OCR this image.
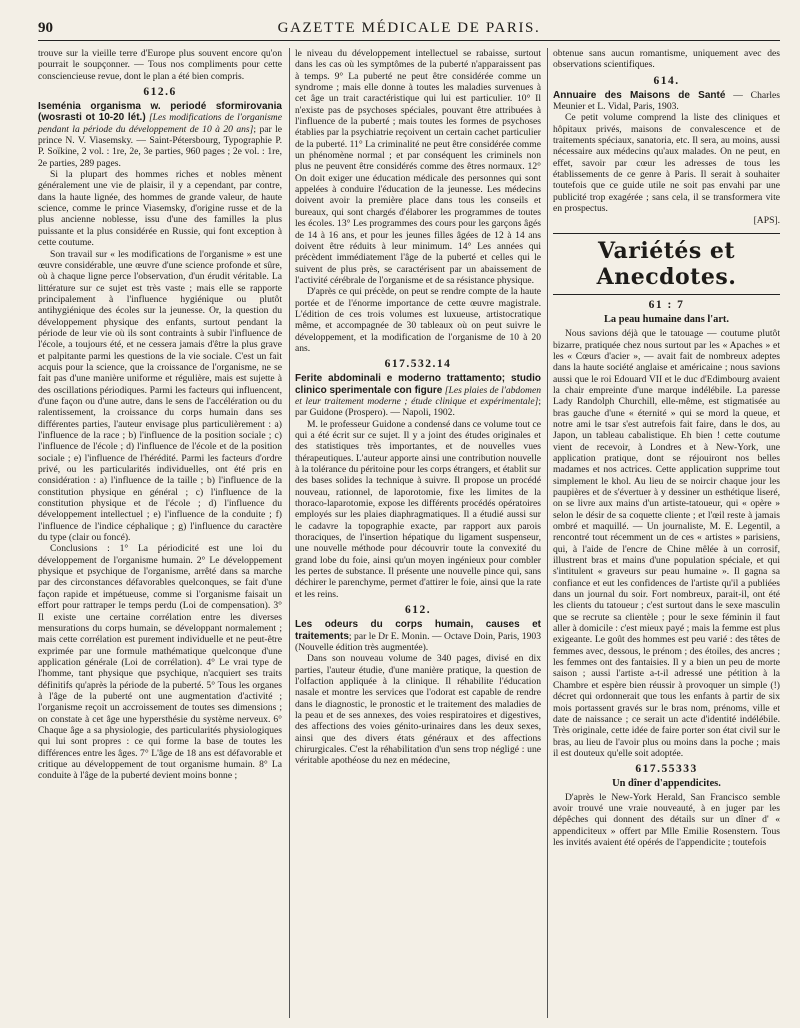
90	GAZETTE MÉDICALE DE PARIS.

trouve sur la vieille terre d'Europe plus souvent encore qu'on pourrait le soupçonner. — Tous nos compliments pour cette consciencieuse revue, dont le plan a été bien compris.

612.6

Iseménia organisma w. periodé sformirovania (wosrasti ot 10-20 lét.) [Les modifications de l'organisme pendant la période du développement de 10 à 20 ans]; par le prince N. V. Viasemsky. — Saint-Pétersbourg, Typographie P. P. Soïkine, 2 vol. : 1re, 2e, 3e parties, 960 pages ; 2e vol. : 1re, 2e parties, 289 pages.

Si la plupart des hommes riches et nobles mènent généralement une vie de plaisir, il y a cependant, par contre, dans la haute lignée, des hommes de grande valeur, de haute science, comme le prince Viasemsky, d'origine russe et de la plus ancienne noblesse, issu d'une des familles la plus puissante et la plus considérée en Russie, qui font exception à cette coutume.

Son travail sur « les modifications de l'organisme » est une œuvre considérable, une œuvre d'une science profonde et sûre, où à chaque ligne perce l'observation, d'un érudit véritable. La littérature sur ce sujet est très vaste ; mais elle se rapporte principalement à l'influence hygiénique ou plutôt antihygiénique des écoles sur la jeunesse. Or, la question du développement physique des enfants, surtout pendant la période de leur vie où ils sont contraints à subir l'influence de l'école, a toujours été, et ne cessera jamais d'être la plus grave et palpitante parmi les questions de la vie sociale. C'est un fait acquis pour la science, que la croissance de l'organisme, ne se fait pas d'une manière uniforme et régulière, mais est sujette à des oscillations périodiques. Parmi les facteurs qui influencent, d'une façon ou d'une autre, dans le sens de l'accélération ou du ralentissement, la croissance du corps humain dans ses différentes parties, l'auteur envisage plus particulièrement : a) l'influence de la race ; b) l'influence de la position sociale ; c) l'influence de l'école ; d) l'influence de l'école et de la position sociale ; e) l'influence de l'hérédité. Parmi les facteurs d'ordre privé, ou les particularités individuelles, ont été pris en considération : a) l'influence de la taille ; b) l'influence de la constitution physique en général ; c) l'influence de la constitution physique et de l'école ; d) l'influence du développement intellectuel ; e) l'influence de la conduite ; f) l'influence de l'indice céphalique ; g) l'influence du caractère du type (clair ou foncé).

Conclusions : 1° La périodicité est une loi du développement de l'organisme humain. 2° Le développement physique et psychique de l'organisme, arrêté dans sa marche par des circonstances défavorables quelconques, se fait d'une façon rapide et impétueuse, comme si l'organisme faisait un effort pour rattraper le temps perdu (Loi de compensation). 3° Il existe une certaine corrélation entre les diverses mensurations du corps humain, se développant normalement ; mais cette corrélation est purement individuelle et ne peut-être exprimée par une formule mathématique quelconque d'une application générale (Loi de corrélation). 4° Le vrai type de l'homme, tant physique que psychique, n'acquiert ses traits définitifs qu'après la période de la puberté. 5° Tous les organes à l'âge de la puberté ont une augmentation d'activité ; l'organisme reçoit un accroissement de toutes ses dimensions ; on constate à cet âge une hypersthésie du système nerveux. 6° Chaque âge a sa physiologie, des particularités physiologiques qui lui sont propres : ce qui forme la base de toutes les différences entre les âges. 7° L'âge de 18 ans est défavorable et critique au développement de tout organisme humain. 8° La conduite à l'âge de la puberté devient moins bonne ;

le niveau du développement intellectuel se rabaisse, surtout dans les cas où les symptômes de la puberté n'apparaissent pas à temps. 9° La puberté ne peut être considérée comme un syndrome ; mais elle donne à toutes les maladies survenues à cet âge un trait caractéristique qui lui est particulier. 10° Il n'existe pas de psychoses spéciales, pouvant être attribuées à l'influence de la puberté ; mais toutes les formes de psychoses établies par la psychiatrie reçoivent un certain cachet particulier de la puberté. 11° La criminalité ne peut être considérée comme un phénomène normal ; et par conséquent les criminels non plus ne peuvent être considérés comme des êtres normaux. 12° On doit exiger une éducation médicale des personnes qui sont appelées à conduire l'éducation de la jeunesse. Les médecins doivent avoir la première place dans tous les conseils et bureaux, qui sont chargés d'élaborer les programmes de toutes les écoles. 13° Les programmes des cours pour les garçons âgés de 14 à 16 ans, et pour les jeunes filles âgées de 12 à 14 ans doivent être réduits à leur minimum. 14° Les années qui précèdent immédiatement l'âge de la puberté et celles qui le suivent de plus près, se caractérisent par un abaissement de l'activité cérébrale de l'organisme et de sa résistance physique.

D'après ce qui précède, on peut se rendre compte de la haute portée et de l'énorme importance de cette œuvre magistrale. L'édition de ces trois volumes est luxueuse, artistocratique même, et accompagnée de 30 tableaux où on peut suivre le développement, et la modification de l'organisme de 10 à 20 ans.

617.532.14

Ferite abdominali e moderno trattamento; studio clinico sperimentale con figure [Les plaies de l'abdomen et leur traitement moderne ; étude clinique et expérimentale]; par Guidone (Prospero). — Napoli, 1902.

M. le professeur Guidone a condensé dans ce volume tout ce qui a été écrit sur ce sujet. Il y a joint des études originales et des statistiques très importantes, et de nouvelles vues thérapeutiques. L'auteur apporte ainsi une contribution nouvelle à la tolérance du péritoine pour les corps étrangers, et établit sur des bases solides la technique à suivre. Il propose un procédé nouveau, rationnel, de laporotomie, fixe les limites de la thoraco-laparotomie, expose les différents procédés opératoires employés sur les plaies diaphragmatiques. Il a étudié aussi sur le cadavre la topographie exacte, par rapport aux parois thoraciques, de l'insertion hépatique du ligament suspenseur, une nouvelle méthode pour découvrir toute la convexité du grand lobe du foie, ainsi qu'un moyen ingénieux pour combler les pertes de substance. Il présente une nouvelle pince qui, sans déchirer le parenchyme, permet d'attirer le foie, ainsi que la rate et les reins.

612.

Les odeurs du corps humain, causes et traitements; par le Dr E. Monin. — Octave Doin, Paris, 1903 (Nouvelle édition très augmentée).

Dans son nouveau volume de 340 pages, divisé en dix parties, l'auteur étudie, d'une manière pratique, la question de l'olfaction appliquée à la clinique. Il réhabilite l'éducation nasale et montre les services que l'odorat est capable de rendre dans le diagnostic, le pronostic et le traitement des maladies de la peau et de ses annexes, des voies respiratoires et digestives, des affections des voies génito-urinaires dans les deux sexes, ainsi que des divers états généraux et des affections chirurgicales. C'est la réhabilitation d'un sens trop négligé : une véritable apothéose du nez en médecine,

obtenue sans aucun romantisme, uniquement avec des observations scientifiques.

614.

Annuaire des Maisons de Santé — Charles Meunier et L. Vidal, Paris, 1903.

Ce petit volume comprend la liste des cliniques et hôpitaux privés, maisons de convalescence et de traitements spéciaux, sanatoria, etc. Il sera, au moins, aussi nécessaire aux médecins qu'aux malades. On ne peut, en effet, savoir par cœur les adresses de tous les établissements de ce genre à Paris. Il serait à souhaiter toutefois que ce guide utile ne soit pas envahi par une publicité trop exagérée ; sans cela, il se transformera vite en prospectus.

[APS].
Variétés et Anecdotes.
61 : 7
La peau humaine dans l'art.

Nous savions déjà que le tatouage — coutume plutôt bizarre, pratiquée chez nous surtout par les « Apaches » et les « Cœurs d'acier », — avait fait de nombreux adeptes dans la haute société anglaise et américaine ; nous savions aussi que le roi Edouard VII et le duc d'Edimbourg avaient la chair empreinte d'une marque indélébile. La paresse Lady Randolph Churchill, elle-même, est stigmatisée au bras gauche d'une « éternité » qui se mord la queue, et notre ami le tsar s'est autrefois fait faire, dans le dos, au Japon, un tableau cabalistique. Eh bien ! cette coutume vient de recevoir, à Londres et à New-York, une application pratique, dont se réjouiront nos belles madames et nos actrices. Cette application supprime tout simplement le khol. Au lieu de se noircir chaque jour les paupières et de s'évertuer à y dessiner un esthétique liseré, on se livre aux mains d'un artiste-tatoueur, qui « opère » selon le désir de sa coquette cliente ; et l'œil reste à jamais ombré et maquillé. — Un journaliste, M. E. Legentil, a rencontré tout récemment un de ces « artistes » parisiens, qui, à l'aide de l'encre de Chine mêlée à un corrosif, illustrent bras et mains d'une population spéciale, et qui s'intitulent « graveurs sur peau humaine ». Il gagna sa confiance et eut les confidences de l'artiste qu'il a publiées dans un journal du soir. Fort nombreux, parait-il, ont été les clients du tatoueur ; c'est surtout dans le sexe masculin que se recrute sa clientèle ; pour le sexe féminin il faut aller à domicile : c'est mieux payé ; mais la femme est plus exigeante. Le goût des hommes est peu varié : des têtes de femmes avec, dessous, le prénom ; des étoiles, des ancres ; les femmes ont des fantaisies. Il y a bien un peu de morte saison ; aussi l'artiste a-t-il adressé une pétition à la Chambre et espère bien réussir à provoquer un simple (!) décret qui ordonnerait que tous les enfants à partir de six mois portassent gravés sur le bras nom, prénoms, ville et date de naissance ; ce serait un acte d'identité indélébile. Très originale, cette idée de faire porter son état civil sur le bras, au lieu de l'avoir plus ou moins dans la poche ; mais il est douteux qu'elle soit adoptée.

617.55333
Un dîner d'appendicites.

D'après le New-York Herald, San Francisco semble avoir trouvé une vraie nouveauté, à en juger par les dépêches qui donnent des détails sur un dîner d' « appendiciteux » offert par Mlle Emilie Rosenstern. Tous les invités avaient été opérés de l'appendicite ; toutefois
